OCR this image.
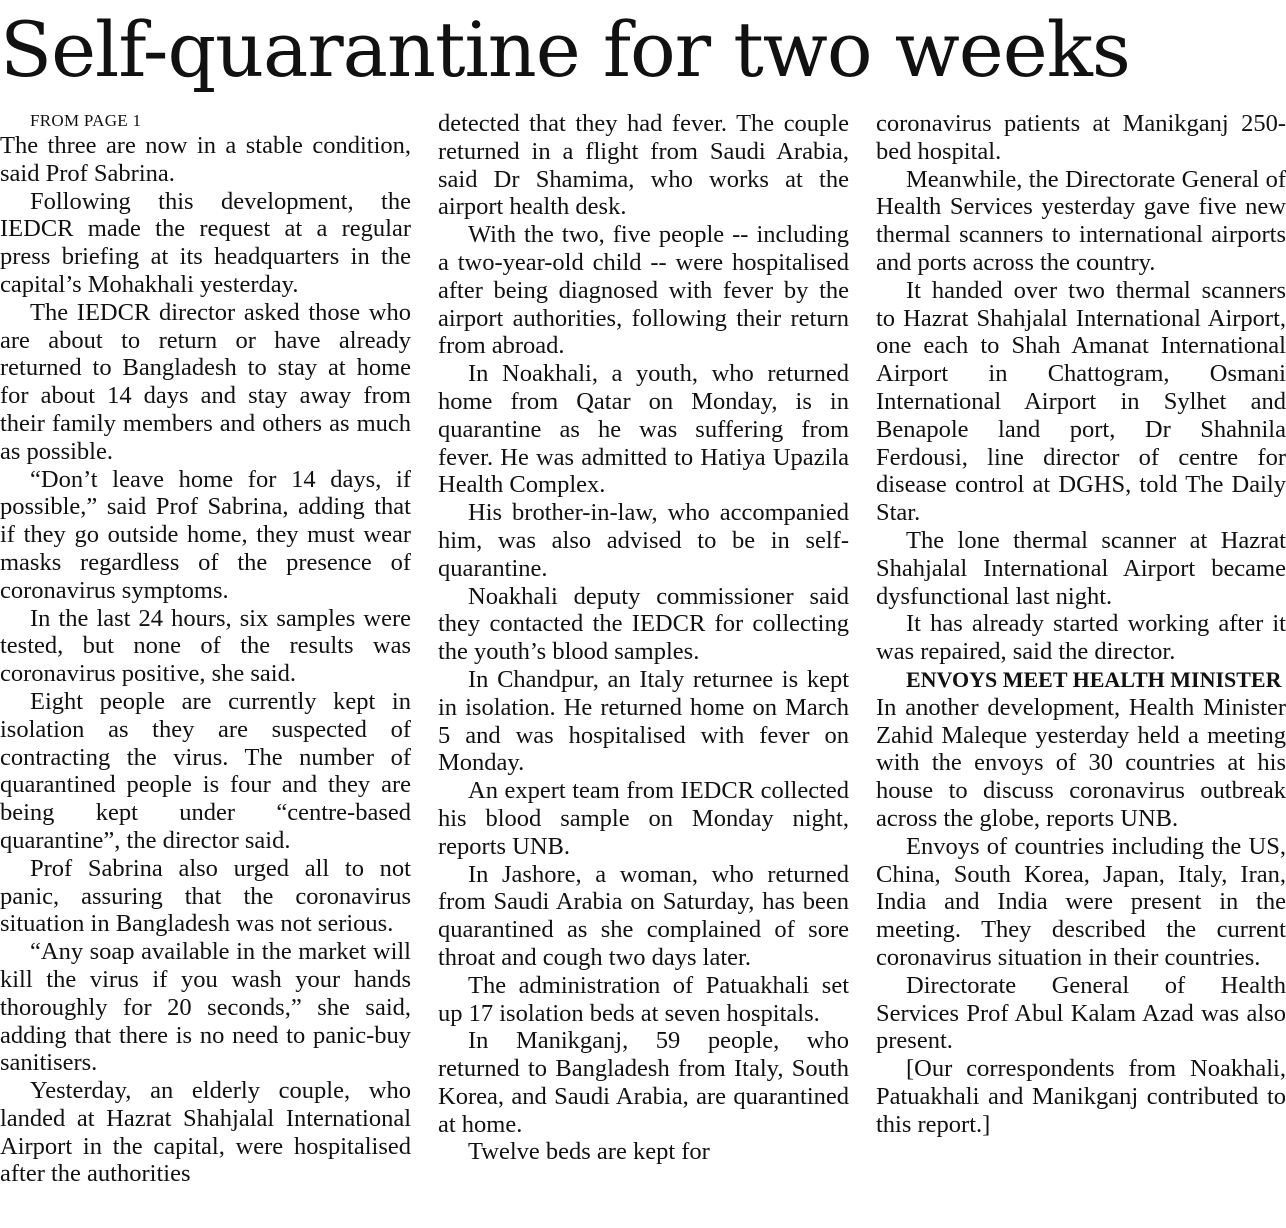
Self-quarantine for two weeks

FROM PAGE 1

The three are now in a stable condition, said Prof Sabrina.

Following this development, the IEDCR made the request at a regular press briefing at its headquarters in the capital’s Mohakhali yesterday.

The IEDCR director asked those who are about to return or have already returned to Bangladesh to stay at home for about 14 days and stay away from their family members and others as much as possible.

“Don’t leave home for 14 days, if possible,” said Prof Sabrina, adding that if they go outside home, they must wear masks regardless of the presence of coronavirus symptoms.

In the last 24 hours, six samples were tested, but none of the results was coronavirus positive, she said.

Eight people are currently kept in isolation as they are suspected of contracting the virus. The number of quarantined people is four and they are being kept under “centre-based quarantine”, the director said.

Prof Sabrina also urged all to not panic, assuring that the coronavirus situation in Bangladesh was not serious.

“Any soap available in the market will kill the virus if you wash your hands thoroughly for 20 seconds,” she said, adding that there is no need to panic-buy sanitisers.

Yesterday, an elderly couple, who landed at Hazrat Shahjalal International Airport in the capital, were hospitalised after the authorities

detected that they had fever. The couple returned in a flight from Saudi Arabia, said Dr Shamima, who works at the airport health desk.

With the two, five people -- including a two-year-old child -- were hospitalised after being diagnosed with fever by the airport authorities, following their return from abroad.

In Noakhali, a youth, who returned home from Qatar on Monday, is in quarantine as he was suffering from fever. He was admitted to Hatiya Upazila Health Complex.

His brother-in-law, who accompanied him, was also advised to be in self-quarantine.

Noakhali deputy commissioner said they contacted the IEDCR for collecting the youth’s blood samples.

In Chandpur, an Italy returnee is kept in isolation. He returned home on March 5 and was hospitalised with fever on Monday.

An expert team from IEDCR collected his blood sample on Monday night, reports UNB.

In Jashore, a woman, who returned from Saudi Arabia on Saturday, has been quarantined as she complained of sore throat and cough two days later.

The administration of Patuakhali set up 17 isolation beds at seven hospitals.

In Manikganj, 59 people, who returned to Bangladesh from Italy, South Korea, and Saudi Arabia, are quarantined at home.

Twelve beds are kept for

coronavirus patients at Manikganj 250-bed hospital.

Meanwhile, the Directorate General of Health Services yesterday gave five new thermal scanners to international airports and ports across the country.

It handed over two thermal scanners to Hazrat Shahjalal International Airport, one each to Shah Amanat International Airport in Chattogram, Osmani International Airport in Sylhet and Benapole land port, Dr Shahnila Ferdousi, line director of centre for disease control at DGHS, told The Daily Star.

The lone thermal scanner at Hazrat Shahjalal International Airport became dysfunctional last night.

It has already started working after it was repaired, said the director.

ENVOYS MEET HEALTH MINISTER

In another development, Health Minister Zahid Maleque yesterday held a meeting with the envoys of 30 countries at his house to discuss coronavirus outbreak across the globe, reports UNB.

Envoys of countries including the US, China, South Korea, Japan, Italy, Iran, India and India were present in the meeting. They described the current coronavirus situation in their countries.

Directorate General of Health Services Prof Abul Kalam Azad was also present.

[Our correspondents from Noakhali, Patuakhali and Manikganj contributed to this report.]
